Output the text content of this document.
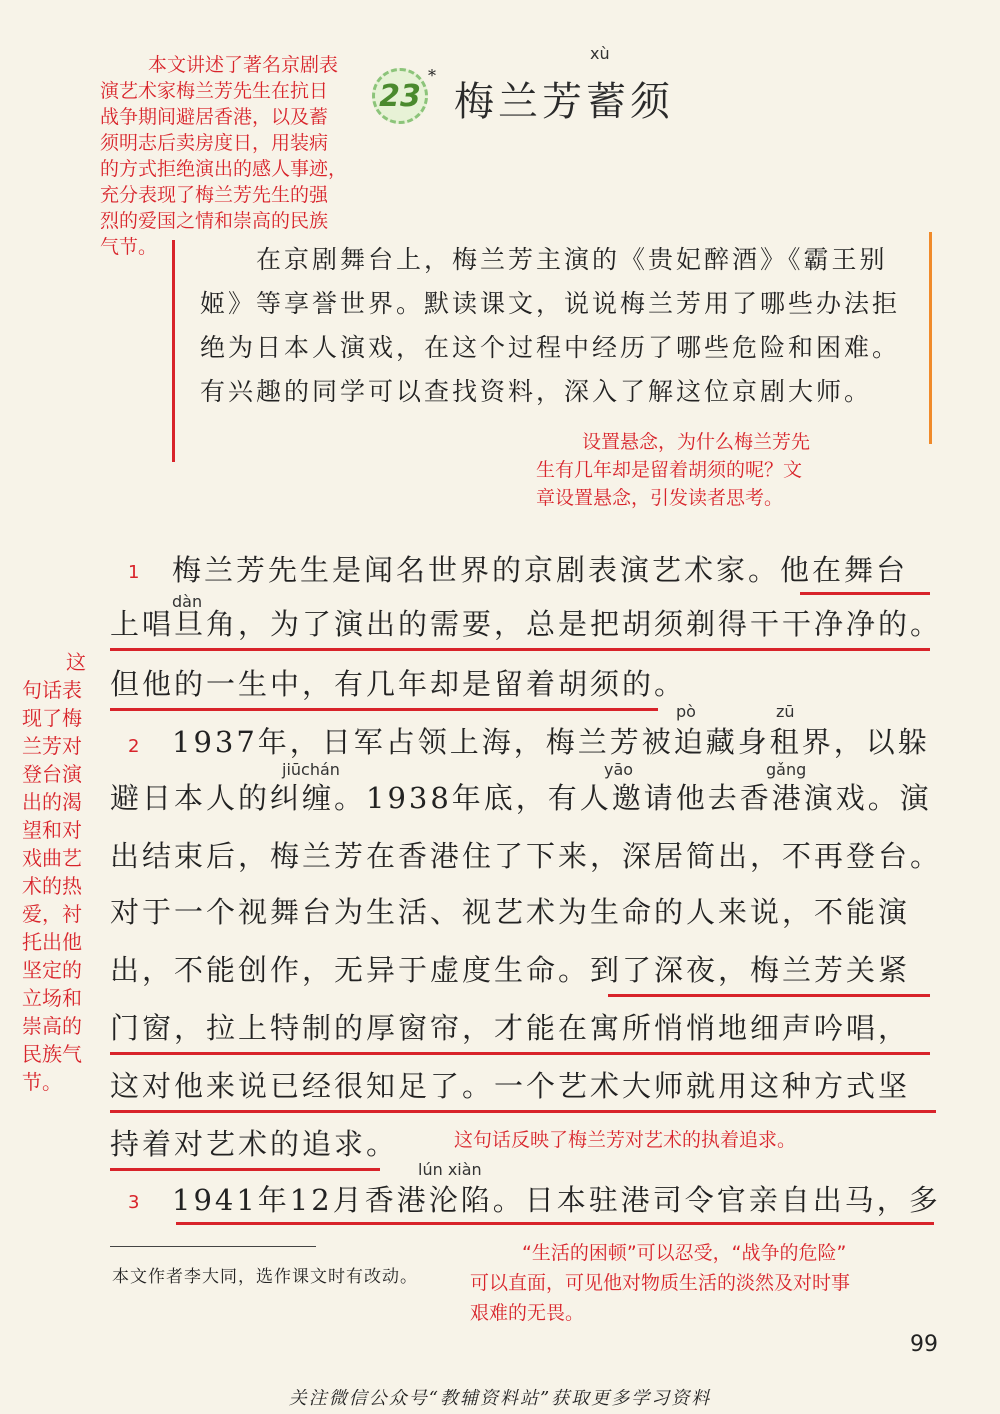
本文讲述了著名京剧表
演艺术家梅兰芳先生在抗日
战争期间避居香港，以及蓄
须明志后卖房度日，用装病
的方式拒绝演出的感人事迹，
充分表现了梅兰芳先生的强
烈的爱国之情和崇高的民族
气节。
23
*
xù
梅兰芳蓄须

在京剧舞台上，梅兰芳主演的《贵妃醉酒》《霸王别姬》等享誉世界。默读课文，说说梅兰芳用了哪些办法拒绝为日本人演戏，在这个过程中经历了哪些危险和困难。有兴趣的同学可以查找资料，深入了解这位京剧大师。

设置悬念，为什么梅兰芳先
生有几年却是留着胡须的呢？文
章设置悬念，引发读者思考。
这
句话表
现了梅
兰芳对
登台演
出的渴
望和对
戏曲艺
术的热
爱，衬
托出他
坚定的
立场和
崇高的
民族气
节。
1 梅兰芳先生是闻名世界的京剧表演艺术家。他在舞台
dàn
上唱旦角，为了演出的需要，总是把胡须剃得干干净净的。
但他的一生中，有几年却是留着胡须的。
pò	zū
2 1937年，日军占领上海，梅兰芳被迫藏身租界，以躲
jiūchán	yāo	gǎng
避日本人的纠缠。1938年底，有人邀请他去香港演戏。演
出结束后，梅兰芳在香港住了下来，深居简出，不再登台。
对于一个视舞台为生活、视艺术为生命的人来说，不能演
出，不能创作，无异于虚度生命。到了深夜，梅兰芳关紧
门窗，拉上特制的厚窗帘，才能在寓所悄悄地细声吟唱，
这对他来说已经很知足了。一个艺术大师就用这种方式坚
持着对艺术的追求。	这句话反映了梅兰芳对艺术的执着追求。
lún xiàn
3 1941年12月香港沦陷。日本驻港司令官亲自出马，多
本文作者李大同，选作课文时有改动。
“生活的困顿”可以忍受，“战争的危险”
可以直面，可见他对物质生活的淡然及对时事
艰难的无畏。
99
关注微信公众号“教辅资料站”获取更多学习资料
